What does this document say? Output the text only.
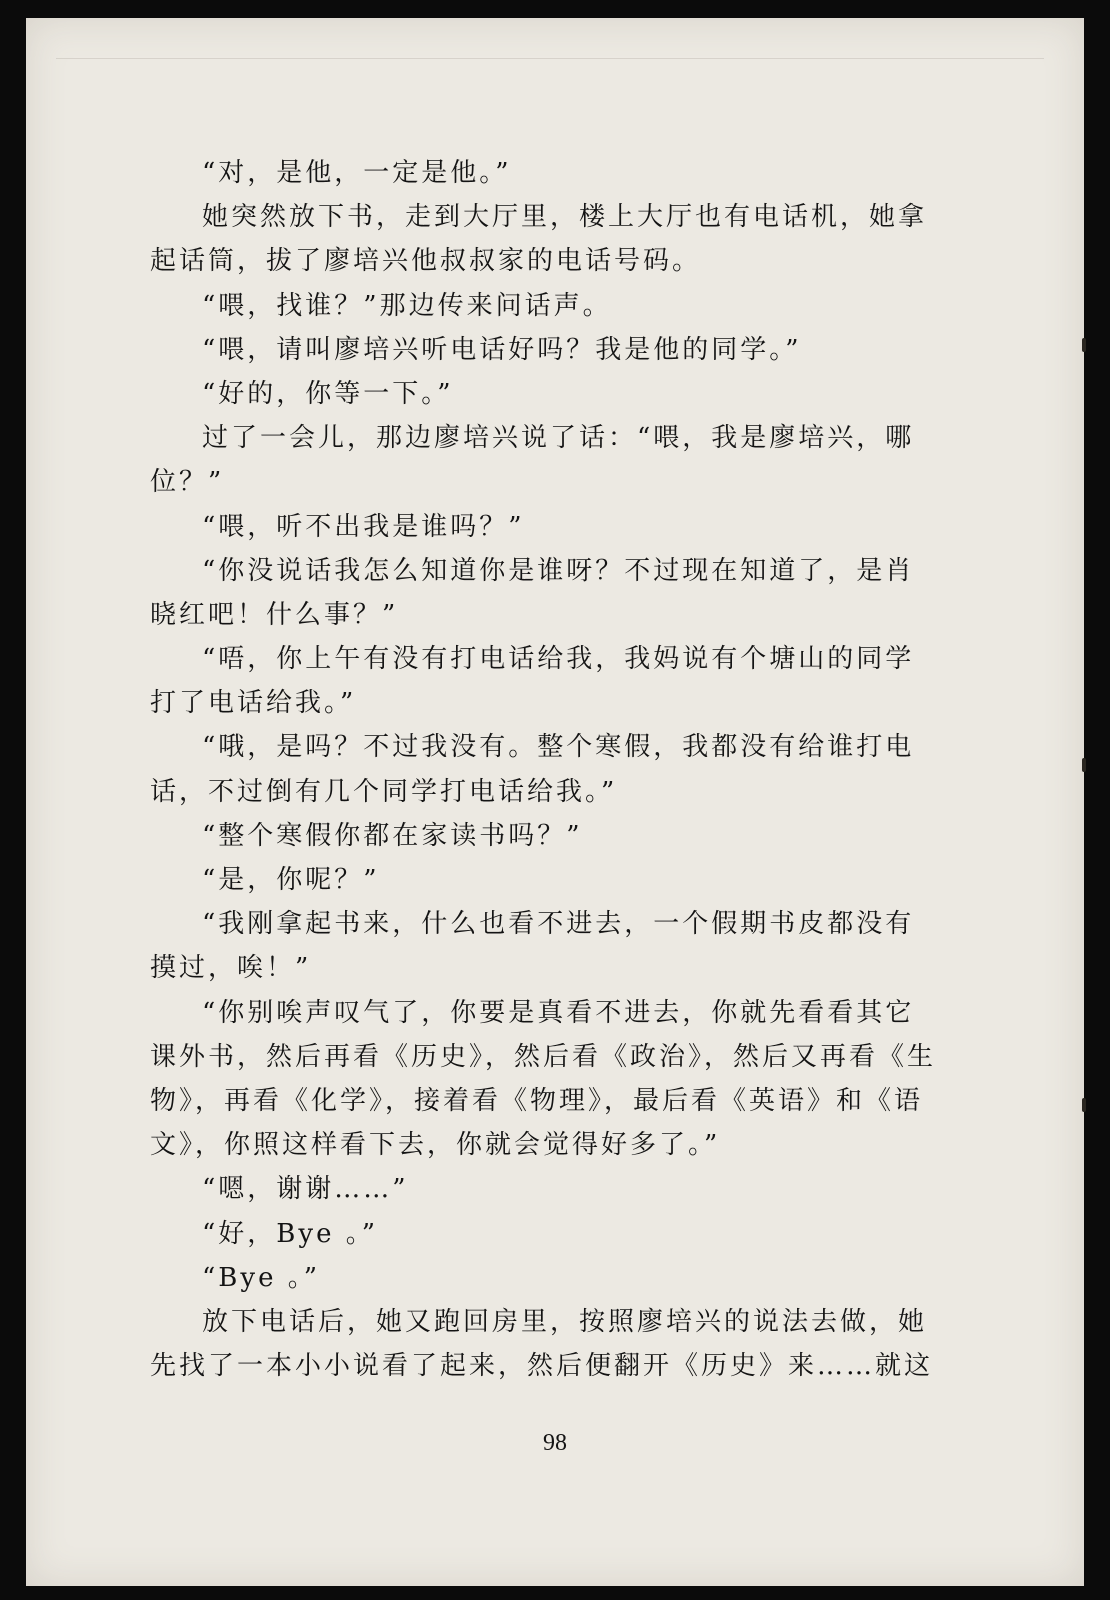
“对，是他，一定是他。”
她突然放下书，走到大厅里，楼上大厅也有电话机，她拿
起话筒，拔了廖培兴他叔叔家的电话号码。
“喂，找谁？”那边传来问话声。
“喂，请叫廖培兴听电话好吗？我是他的同学。”
“好的，你等一下。”
过了一会儿，那边廖培兴说了话：“喂，我是廖培兴，哪
位？”
“喂，听不出我是谁吗？”
“你没说话我怎么知道你是谁呀？不过现在知道了，是肖
晓红吧！什么事？”
“唔，你上午有没有打电话给我，我妈说有个塘山的同学
打了电话给我。”
“哦，是吗？不过我没有。整个寒假，我都没有给谁打电
话，不过倒有几个同学打电话给我。”
“整个寒假你都在家读书吗？”
“是，你呢？”
“我刚拿起书来，什么也看不进去，一个假期书皮都没有
摸过，唉！”
“你别唉声叹气了，你要是真看不进去，你就先看看其它
课外书，然后再看《历史》，然后看《政治》，然后又再看《生
物》，再看《化学》，接着看《物理》，最后看《英语》和《语
文》，你照这样看下去，你就会觉得好多了。”
“嗯，谢谢……”
“好，Bye 。”
“Bye 。”
放下电话后，她又跑回房里，按照廖培兴的说法去做，她
先找了一本小小说看了起来，然后便翻开《历史》来……就这
98
